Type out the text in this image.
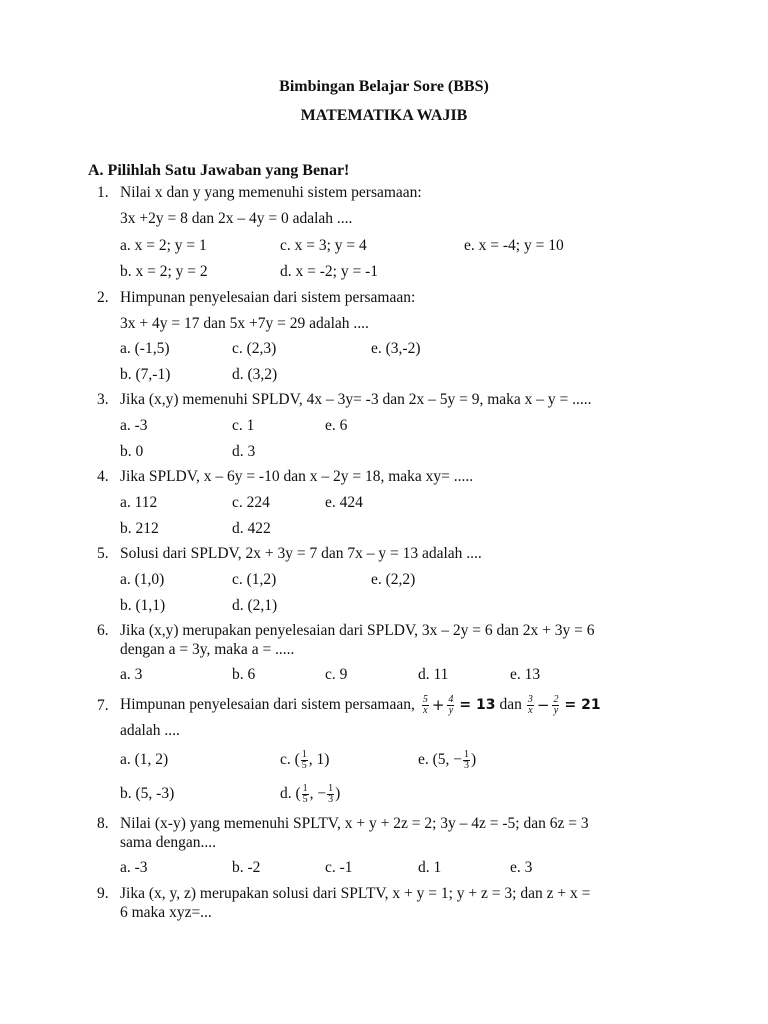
Bimbingan Belajar Sore (BBS)
MATEMATIKA WAJIB
A. Pilihlah Satu Jawaban yang Benar!
1. Nilai x dan y yang memenuhi sistem persamaan:
3x +2y = 8 dan 2x – 4y = 0 adalah ....
a. x = 2; y = 1	c. x = 3; y = 4	e. x = -4; y = 10
b. x = 2; y = 2	d. x = -2; y = -1
2. Himpunan penyelesaian dari sistem persamaan:
3x + 4y = 17 dan 5x +7y = 29 adalah ....
a. (-1,5)	c. (2,3)	e. (3,-2)
b. (7,-1)	d. (3,2)
3. Jika (x,y) memenuhi SPLDV, 4x – 3y= -3 dan 2x – 5y = 9, maka x – y = .....
a. -3	c. 1	e. 6
b. 0	d. 3
4. Jika SPLDV, x – 6y = -10 dan x – 2y = 18, maka xy= .....
a. 112	c. 224	e. 424
b. 212	d. 422
5. Solusi dari SPLDV, 2x + 3y = 7 dan 7x – y = 13 adalah ....
a. (1,0)	c. (1,2)	e. (2,2)
b. (1,1)	d. (2,1)
6. Jika (x,y) merupakan penyelesaian dari SPLDV, 3x – 2y = 6 dan 2x + 3y = 6
dengan a = 3y, maka a = .....
a. 3	b. 6	c. 9	d. 11	e. 13
7. Himpunan penyelesaian dari sistem persamaan, $\frac{5}{x} + \frac{4}{y} = 13$ dan $\frac{3}{x} - \frac{2}{y} = 21$
adalah ....
a. (1, 2)	c. ( $\frac{1}{5}$ , 1)	e. (5, − $\frac{1}{3}$ )
b. (5, -3)	d. ( $\frac{1}{5}$ , − $\frac{1}{3}$ )
8. Nilai (x-y) yang memenuhi SPLTV, x + y + 2z = 2; 3y – 4z = -5; dan 6z = 3
sama dengan....
a. -3	b. -2	c. -1	d. 1	e. 3
9. Jika (x, y, z) merupakan solusi dari SPLTV, x + y = 1; y + z = 3; dan z + x =
6 maka xyz=...
